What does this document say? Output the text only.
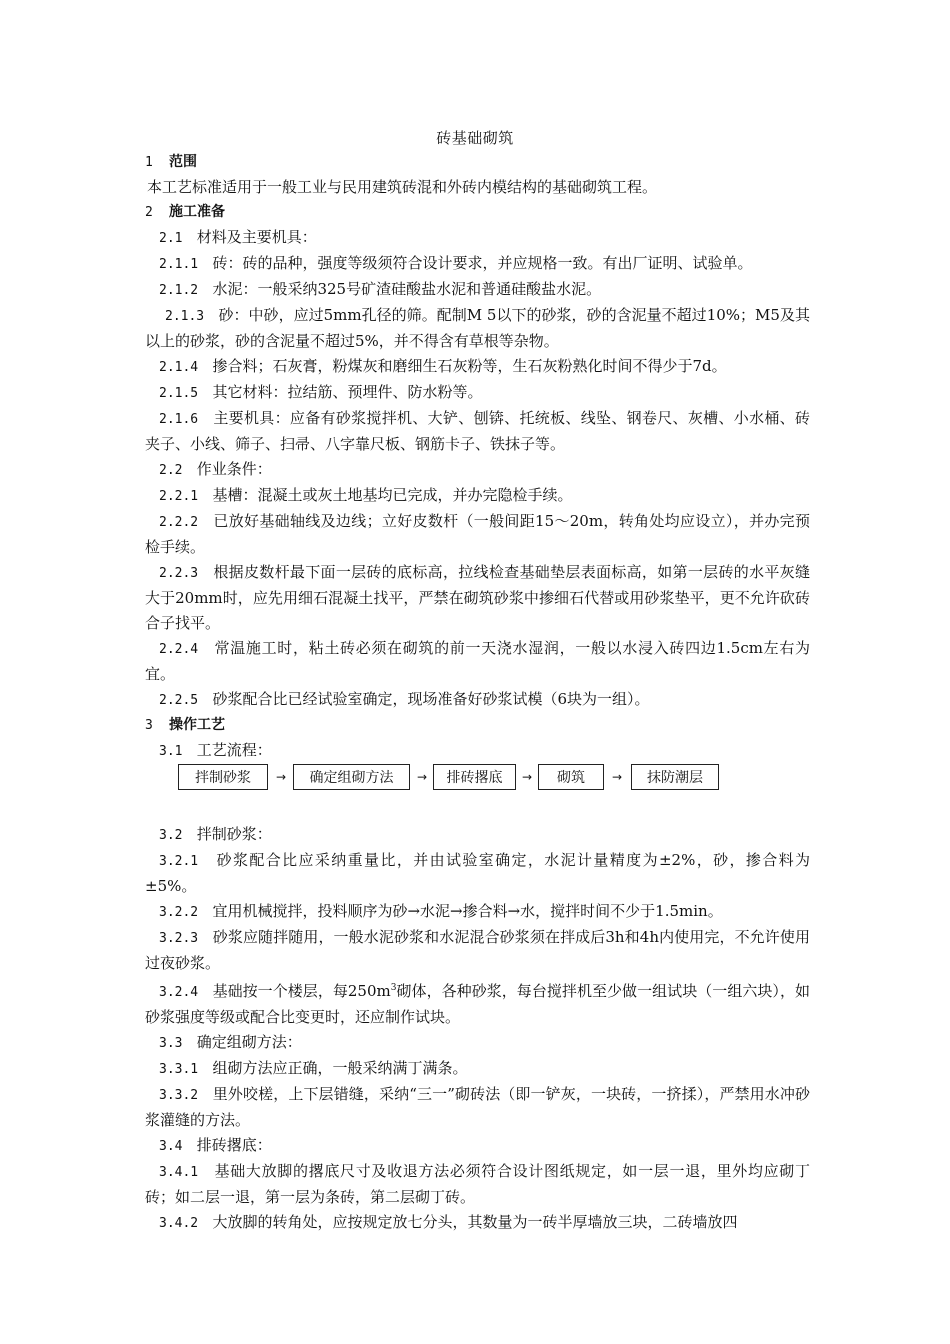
砖基础砌筑

1 范围

本工艺标准适用于一般工业与民用建筑砖混和外砖内模结构的基础砌筑工程。

2 施工准备

2.1 材料及主要机具：

2.1.1 砖：砖的品种，强度等级须符合设计要求，并应规格一致。有出厂证明、试验单。

2.1.2 水泥：一般采纳325号矿渣硅酸盐水泥和普通硅酸盐水泥。

2.1.3 砂：中砂，应过5mm孔径的筛。配制M 5以下的砂浆，砂的含泥量不超过10%；M5及其以上的砂浆，砂的含泥量不超过5%，并不得含有草根等杂物。

2.1.4 掺合料；石灰膏，粉煤灰和磨细生石灰粉等，生石灰粉熟化时间不得少于7d。

2.1.5 其它材料：拉结筋、预埋件、防水粉等。

2.1.6 主要机具：应备有砂浆搅拌机、大铲、刨锛、托统板、线坠、钢卷尺、灰槽、小水桶、砖夹子、小线、筛子、扫帚、八字靠尺板、钢筋卡子、铁抹子等。

2.2 作业条件：

2.2.1 基槽：混凝土或灰土地基均已完成，并办完隐检手续。

2.2.2 已放好基础轴线及边线；立好皮数杆（一般间距15～20m，转角处均应设立），并办完预检手续。

2.2.3 根据皮数杆最下面一层砖的底标高，拉线检查基础垫层表面标高，如第一层砖的水平灰缝大于20mm时，应先用细石混凝土找平，严禁在砌筑砂浆中掺细石代替或用砂浆垫平，更不允许砍砖合子找平。

2.2.4 常温施工时，粘土砖必须在砌筑的前一天浇水湿润，一般以水浸入砖四边1.5cm左右为宜。

2.2.5 砂浆配合比已经试验室确定，现场准备好砂浆试模（6块为一组）。

3 操作工艺

3.1 工艺流程：

拌制砂浆	→	确定组砌方法	→	排砖撂底	→	砌筑	→	抹防潮层

3.2 拌制砂浆：

3.2.1 砂浆配合比应采纳重量比，并由试验室确定，水泥计量精度为±2%，砂，掺合料为±5%。

3.2.2 宜用机械搅拌，投料顺序为砂→水泥→掺合料→水，搅拌时间不少于1.5min。

3.2.3 砂浆应随拌随用，一般水泥砂浆和水泥混合砂浆须在拌成后3h和4h内使用完，不允许使用过夜砂浆。

3.2.4 基础按一个楼层，每$250m^3$砌体，各种砂浆，每台搅拌机至少做一组试块（一组六块），如砂浆强度等级或配合比变更时，还应制作试块。

3.3 确定组砌方法：

3.3.1 组砌方法应正确，一般采纳满丁满条。

3.3.2 里外咬槎，上下层错缝，采纳“三一”砌砖法（即一铲灰，一块砖，一挤揉），严禁用水冲砂浆灌缝的方法。

3.4 排砖撂底：

3.4.1 基础大放脚的撂底尺寸及收退方法必须符合设计图纸规定，如一层一退，里外均应砌丁砖；如二层一退，第一层为条砖，第二层砌丁砖。

3.4.2 大放脚的转角处，应按规定放七分头，其数量为一砖半厚墙放三块，二砖墙放四
